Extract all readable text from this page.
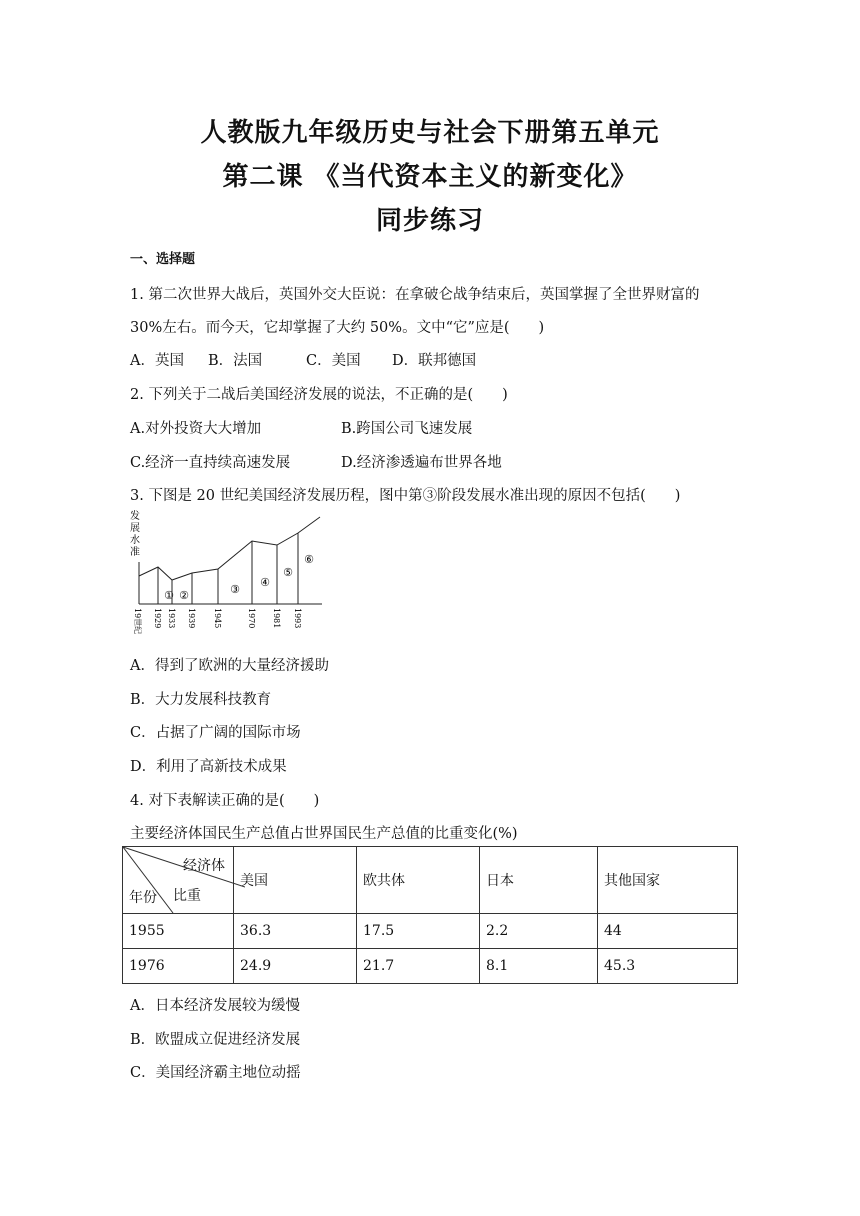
人教版九年级历史与社会下册第五单元
第二课 《当代资本主义的新变化》
同步练习
一、选择题
1. 第二次世界大战后，英国外交大臣说：在拿破仑战争结束后，英国掌握了全世界财富的
30%左右。而今天，它却掌握了大约 50%。文中“它”应是(　　)
A．英国 B．法国	C．美国 D．联邦德国
2. 下列关于二战后美国经济发展的说法，不正确的是(　　)
A.对外投资大大增加	B.跨国公司飞速发展
C.经济一直持续高速发展	D.经济渗透遍布世界各地
3. 下图是 20 世纪美国经济发展历程，图中第③阶段发展水准出现的原因不包括(　　)
发
展
水
准
① ②	③
④
⑤
⑥
19世纪 1929 1933 1939 1945	1970 1981 1993
A．得到了欧洲的大量经济援助
B．大力发展科技教育
C．占据了广阔的国际市场
D．利用了高新技术成果
4. 对下表解读正确的是(　　)
主要经济体国民生产总值占世界国民生产总值的比重变化(%)
经济体
年份 比重	美国	欧共体	日本	其他国家
1955	36.3	17.5	2.2	44
1976	24.9	21.7	8.1	45.3
A．日本经济发展较为缓慢
B．欧盟成立促进经济发展
C．美国经济霸主地位动摇
